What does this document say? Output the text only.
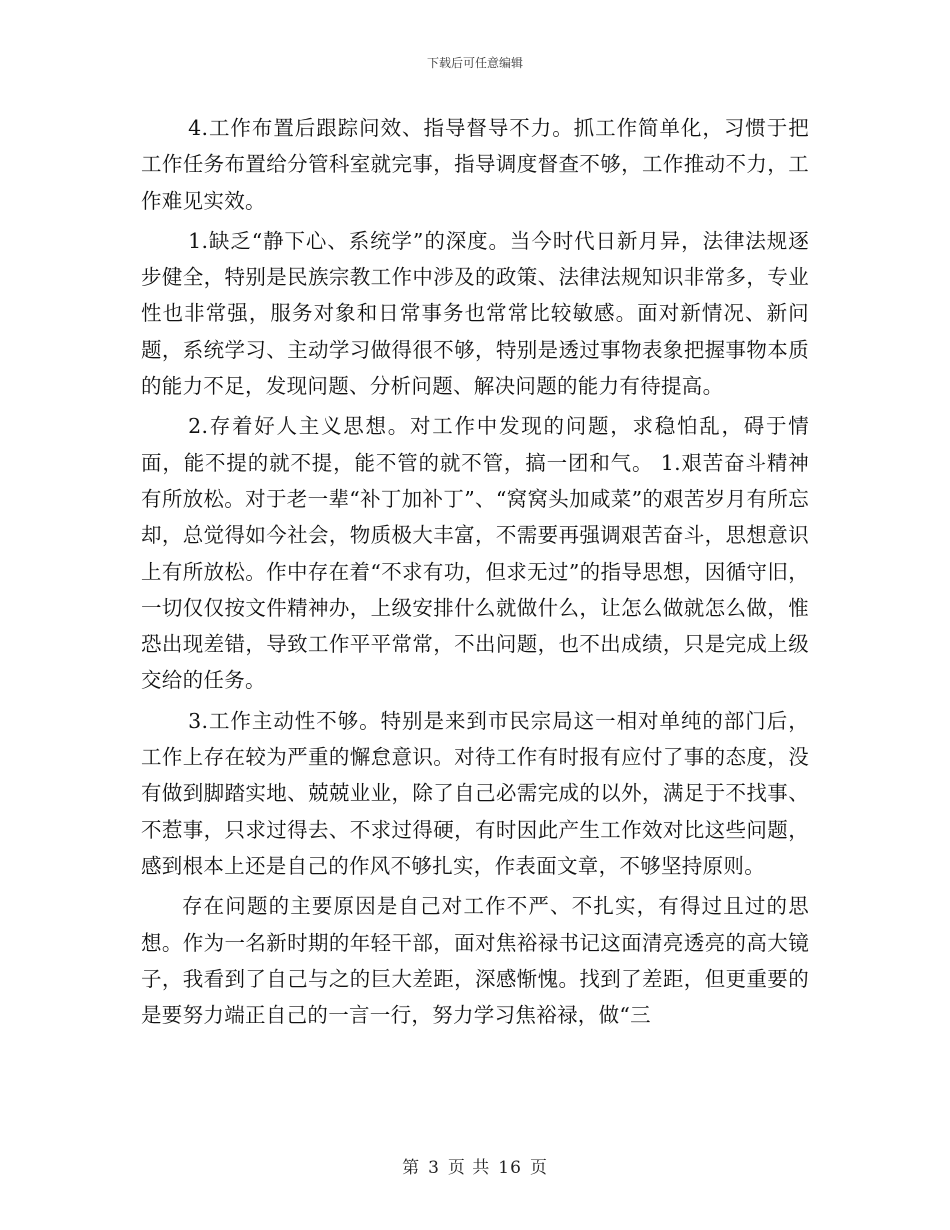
下载后可任意编辑

4.工作布置后跟踪问效、指导督导不力。抓工作简单化，习惯于把工作任务布置给分管科室就完事，指导调度督查不够，工作推动不力，工作难见实效。

1.缺乏“静下心、系统学”的深度。当今时代日新月异，法律法规逐步健全，特别是民族宗教工作中涉及的政策、法律法规知识非常多，专业性也非常强，服务对象和日常事务也常常比较敏感。面对新情况、新问题，系统学习、主动学习做得很不够，特别是透过事物表象把握事物本质的能力不足，发现问题、分析问题、解决问题的能力有待提高。

2.存着好人主义思想。对工作中发现的问题，求稳怕乱，碍于情面，能不提的就不提，能不管的就不管，搞一团和气。 1.艰苦奋斗精神有所放松。对于老一辈“补丁加补丁”、“窝窝头加咸菜”的艰苦岁月有所忘却，总觉得如今社会，物质极大丰富，不需要再强调艰苦奋斗，思想意识上有所放松。作中存在着“不求有功，但求无过”的指导思想，因循守旧，一切仅仅按文件精神办，上级安排什么就做什么，让怎么做就怎么做，惟恐出现差错，导致工作平平常常，不出问题，也不出成绩，只是完成上级交给的任务。

3.工作主动性不够。特别是来到市民宗局这一相对单纯的部门后，工作上存在较为严重的懈怠意识。对待工作有时报有应付了事的态度，没有做到脚踏实地、兢兢业业，除了自己必需完成的以外，满足于不找事、不惹事，只求过得去、不求过得硬，有时因此产生工作效对比这些问题，感到根本上还是自己的作风不够扎实，作表面文章，不够坚持原则。

存在问题的主要原因是自己对工作不严、不扎实，有得过且过的思想。作为一名新时期的年轻干部，面对焦裕禄书记这面清亮透亮的高大镜子，我看到了自己与之的巨大差距，深感惭愧。找到了差距，但更重要的是要努力端正自己的一言一行，努力学习焦裕禄，做“三

第 3 页 共 16 页
